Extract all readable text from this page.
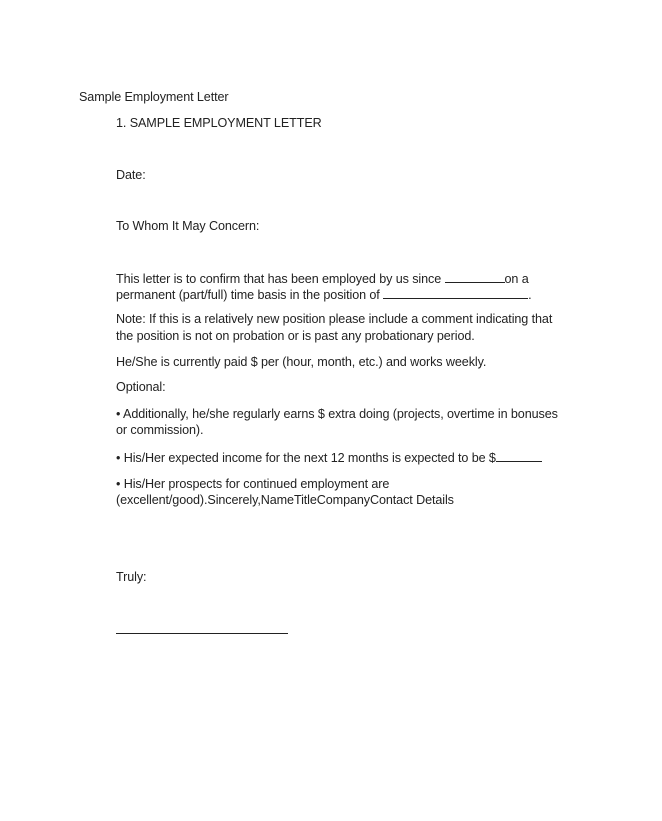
Sample Employment Letter
1. SAMPLE EMPLOYMENT LETTER
Date:
To Whom It May Concern:
This letter is to confirm that has been employed by us since	on a
permanent (part/full) time basis in the position of	.
Note: If this is a relatively new position please include a comment indicating that
the position is not on probation or is past any probationary period.
He/She is currently paid $ per (hour, month, etc.) and works weekly.
Optional:
• Additionally, he/she regularly earns $ extra doing (projects, overtime in bonuses
or commission).
• His/Her expected income for the next 12 months is expected to be $
• His/Her prospects for continued employment are
(excellent/good).Sincerely,NameTitleCompanyContact Details
Truly:
